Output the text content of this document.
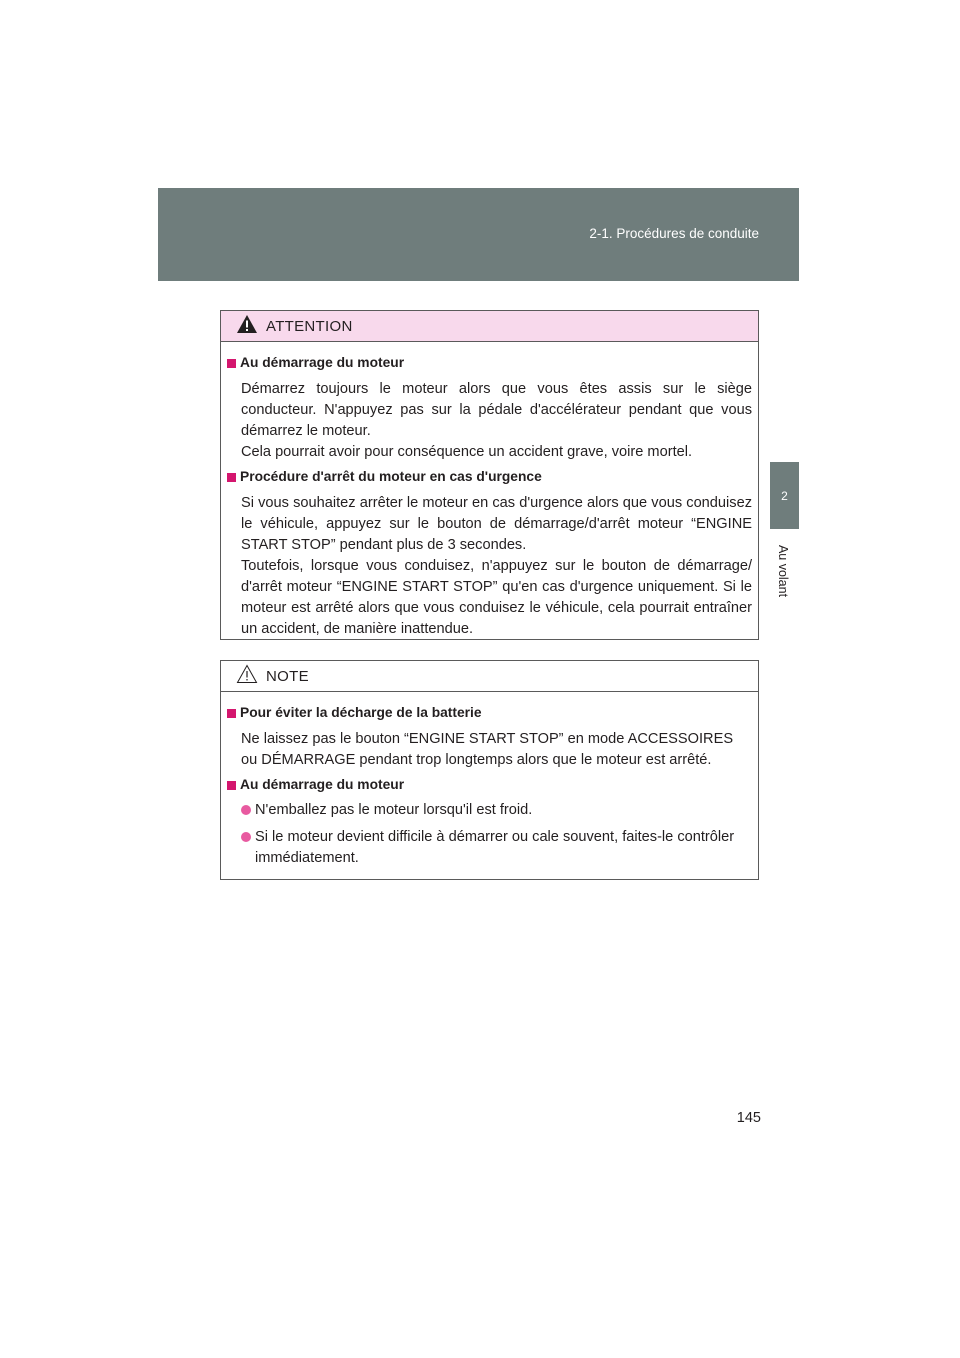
2-1. Procédures de conduite
2
Au volant
ATTENTION
Au démarrage du moteur
Démarrez toujours le moteur alors que vous êtes assis sur le siège conducteur. N'appuyez pas sur la pédale d'accélérateur pendant que vous démarrez le moteur.
Cela pourrait avoir pour conséquence un accident grave, voire mortel.
Procédure d'arrêt du moteur en cas d'urgence
Si vous souhaitez arrêter le moteur en cas d'urgence alors que vous conduisez le véhicule, appuyez sur le bouton de démarrage/d'arrêt moteur “ENGINE START STOP” pendant plus de 3 secondes.
Toutefois, lorsque vous conduisez, n'appuyez sur le bouton de démarrage/ d'arrêt moteur “ENGINE START STOP” qu'en cas d'urgence uniquement. Si le moteur est arrêté alors que vous conduisez le véhicule, cela pourrait entraîner un accident, de manière inattendue.
NOTE
Pour éviter la décharge de la batterie
Ne laissez pas le bouton “ENGINE START STOP” en mode ACCESSOIRES ou DÉMARRAGE pendant trop longtemps alors que le moteur est arrêté.
Au démarrage du moteur
N'emballez pas le moteur lorsqu'il est froid.
Si le moteur devient difficile à démarrer ou cale souvent, faites-le contrôler immédiatement.
145
